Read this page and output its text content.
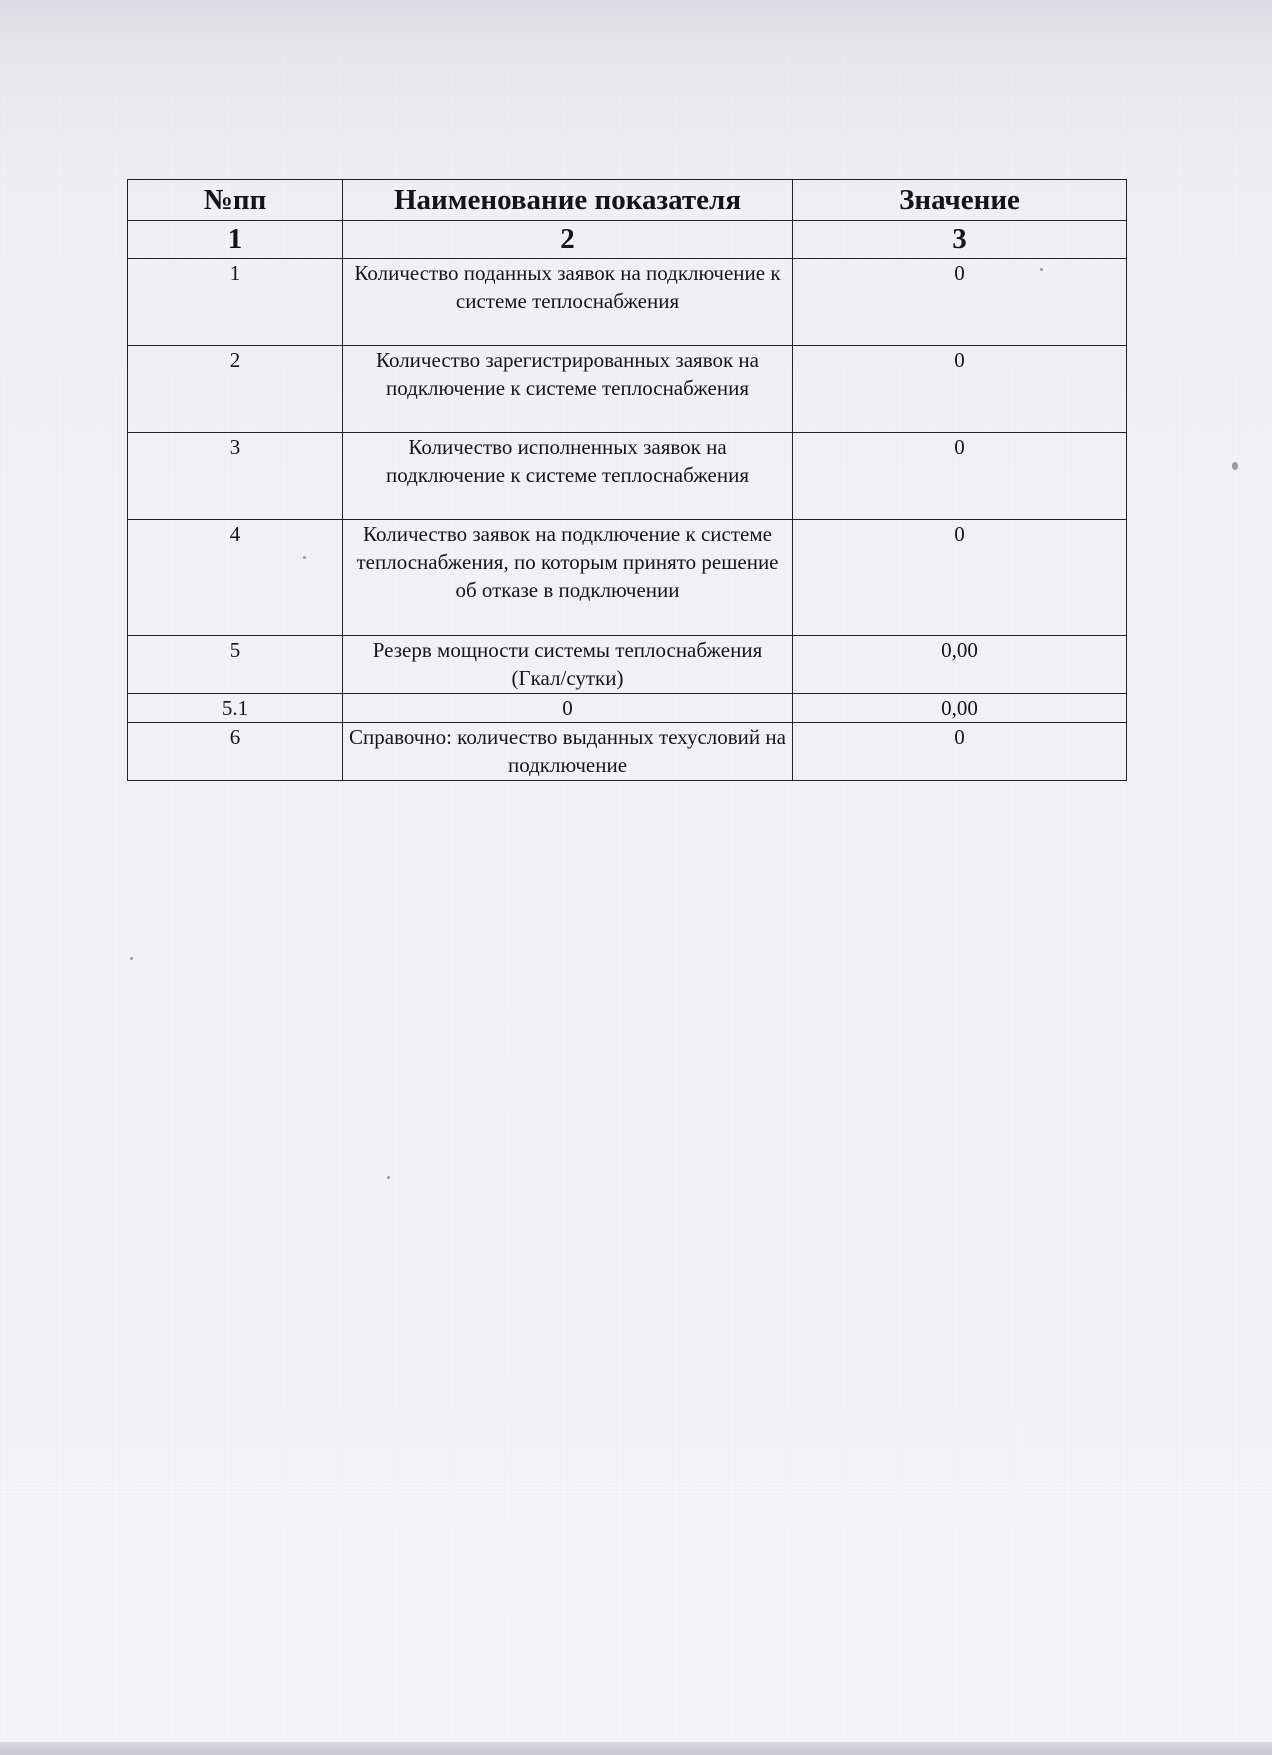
№пп	Наименование показателя	Значение
1	2	3
1	Количество поданных заявок на подключение к системе теплоснабжения	0
2	Количество зарегистрированных заявок на подключение к системе теплоснабжения	0
3	Количество исполненных заявок на подключение к системе теплоснабжения	0
4	Количество заявок на подключение к системе теплоснабжения, по которым принято решение об отказе в подключении	0
5	Резерв мощности системы теплоснабжения (Гкал/сутки)	0,00
5.1	0	0,00
6	Справочно: количество выданных техусловий на подключение	0
